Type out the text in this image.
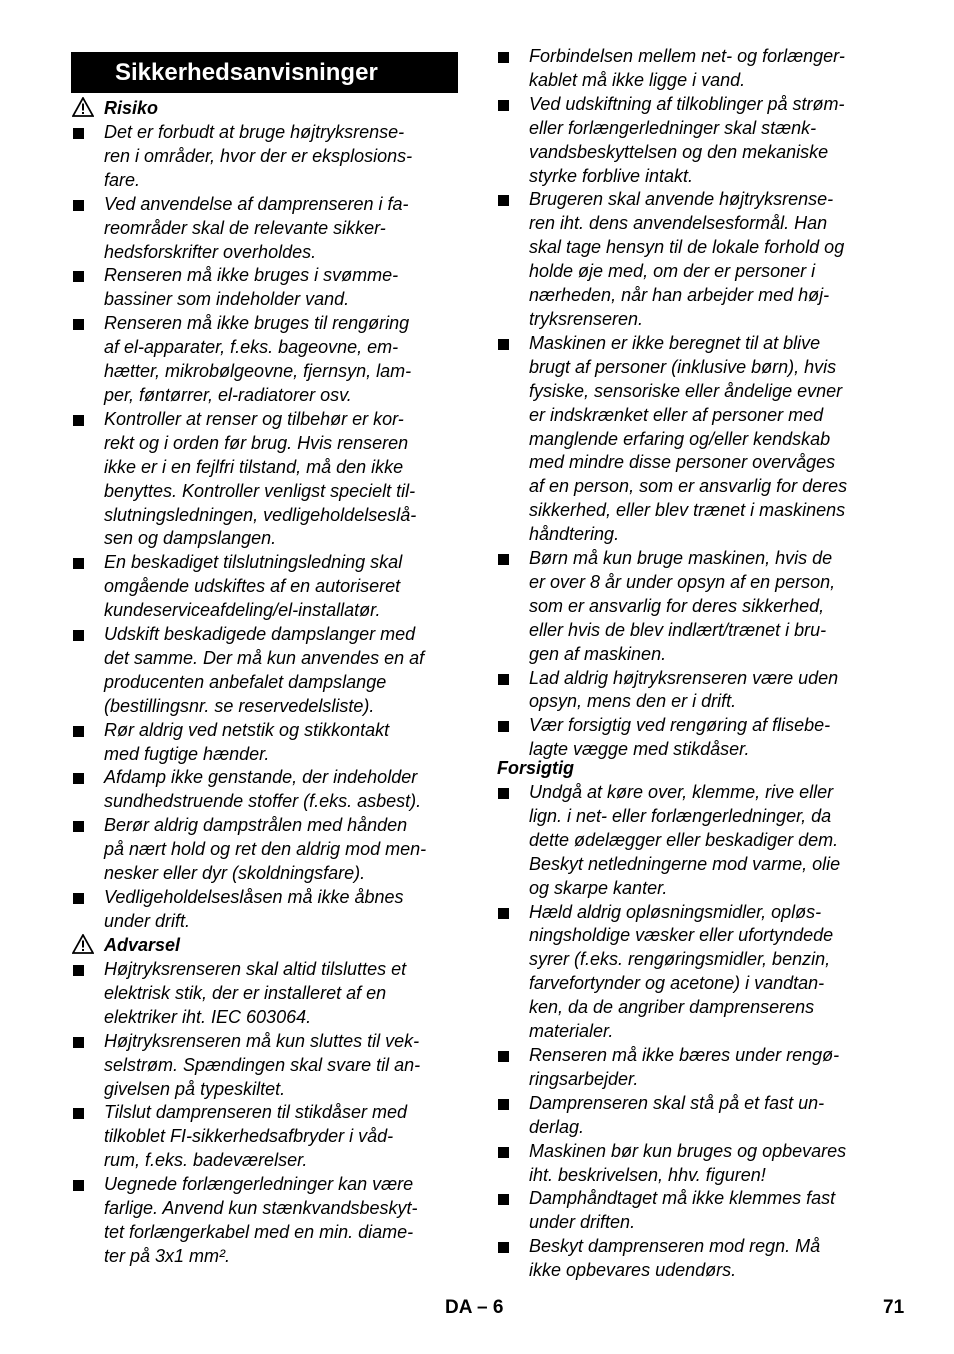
Sikkerhedsanvisninger
Risiko
Det er forbudt at bruge højtryksrense-
ren i områder, hvor der er eksplosions-
fare.
Ved anvendelse af damprenseren i fa-
reområder skal de relevante sikker-
hedsforskrifter overholdes.
Renseren må ikke bruges i svømme-
bassiner som indeholder vand.
Renseren må ikke bruges til rengøring
af el-apparater, f.eks. bageovne, em-
hætter, mikrobølgeovne, fjernsyn, lam-
per, føntørrer, el-radiatorer osv.
Kontroller at renser og tilbehør er kor-
rekt og i orden før brug. Hvis renseren
ikke er i en fejlfri tilstand, må den ikke
benyttes. Kontroller venligst specielt til-
slutningsledningen, vedligeholdelseslå-
sen og dampslangen.
En beskadiget tilslutningsledning skal
omgående udskiftes af en autoriseret
kundeserviceafdeling/el-installatør.
Udskift beskadigede dampslanger med
det samme. Der må kun anvendes en af
producenten anbefalet dampslange
(bestillingsnr. se reservedelsliste).
Rør aldrig ved netstik og stikkontakt
med fugtige hænder.
Afdamp ikke genstande, der indeholder
sundhedstruende stoffer (f.eks. asbest).
Berør aldrig dampstrålen med hånden
på nært hold og ret den aldrig mod men-
nesker eller dyr (skoldningsfare).
Vedligeholdelseslåsen må ikke åbnes
under drift.
Advarsel
Højtryksrenseren skal altid tilsluttes et
elektrisk stik, der er installeret af en
elektriker iht. IEC 603064.
Højtryksrenseren må kun sluttes til vek-
selstrøm. Spændingen skal svare til an-
givelsen på typeskiltet.
Tilslut damprenseren til stikdåser med
tilkoblet FI-sikkerhedsafbryder i våd-
rum, f.eks. badeværelser.
Uegnede forlængerledninger kan være
farlige. Anvend kun stænkvandsbeskyt-
tet forlængerkabel med en min. diame-
ter på 3x1 mm².
Forbindelsen mellem net- og forlænger-
kablet må ikke ligge i vand.
Ved udskiftning af tilkoblinger på strøm-
eller forlængerledninger skal stænk-
vandsbeskyttelsen og den mekaniske
styrke forblive intakt.
Brugeren skal anvende højtryksrense-
ren iht. dens anvendelsesformål. Han
skal tage hensyn til de lokale forhold og
holde øje med, om der er personer i
nærheden, når han arbejder med høj-
tryksrenseren.
Maskinen er ikke beregnet til at blive
brugt af personer (inklusive børn), hvis
fysiske, sensoriske eller åndelige evner
er indskrænket eller af personer med
manglende erfaring og/eller kendskab
med mindre disse personer overvåges
af en person, som er ansvarlig for deres
sikkerhed, eller blev trænet i maskinens
håndtering.
Børn må kun bruge maskinen, hvis de
er over 8 år under opsyn af en person,
som er ansvarlig for deres sikkerhed,
eller hvis de blev indlært/trænet i bru-
gen af maskinen.
Lad aldrig højtryksrenseren være uden
opsyn, mens den er i drift.
Vær forsigtig ved rengøring af flisebe-
lagte vægge med stikdåser.
Forsigtig
Undgå at køre over, klemme, rive eller
lign. i net- eller forlængerledninger, da
dette ødelægger eller beskadiger dem.
Beskyt netledningerne mod varme, olie
og skarpe kanter.
Hæld aldrig opløsningsmidler, opløs-
ningsholdige væsker eller ufortyndede
syrer (f.eks. rengøringsmidler, benzin,
farvefortynder og acetone) i vandtan-
ken, da de angriber damprenserens
materialer.
Renseren må ikke bæres under rengø-
ringsarbejder.
Damprenseren skal stå på et fast un-
derlag.
Maskinen bør kun bruges og opbevares
iht. beskrivelsen, hhv. figuren!
Damphåndtaget må ikke klemmes fast
under driften.
Beskyt damprenseren mod regn. Må
ikke opbevares udendørs.
DA – 6	71
